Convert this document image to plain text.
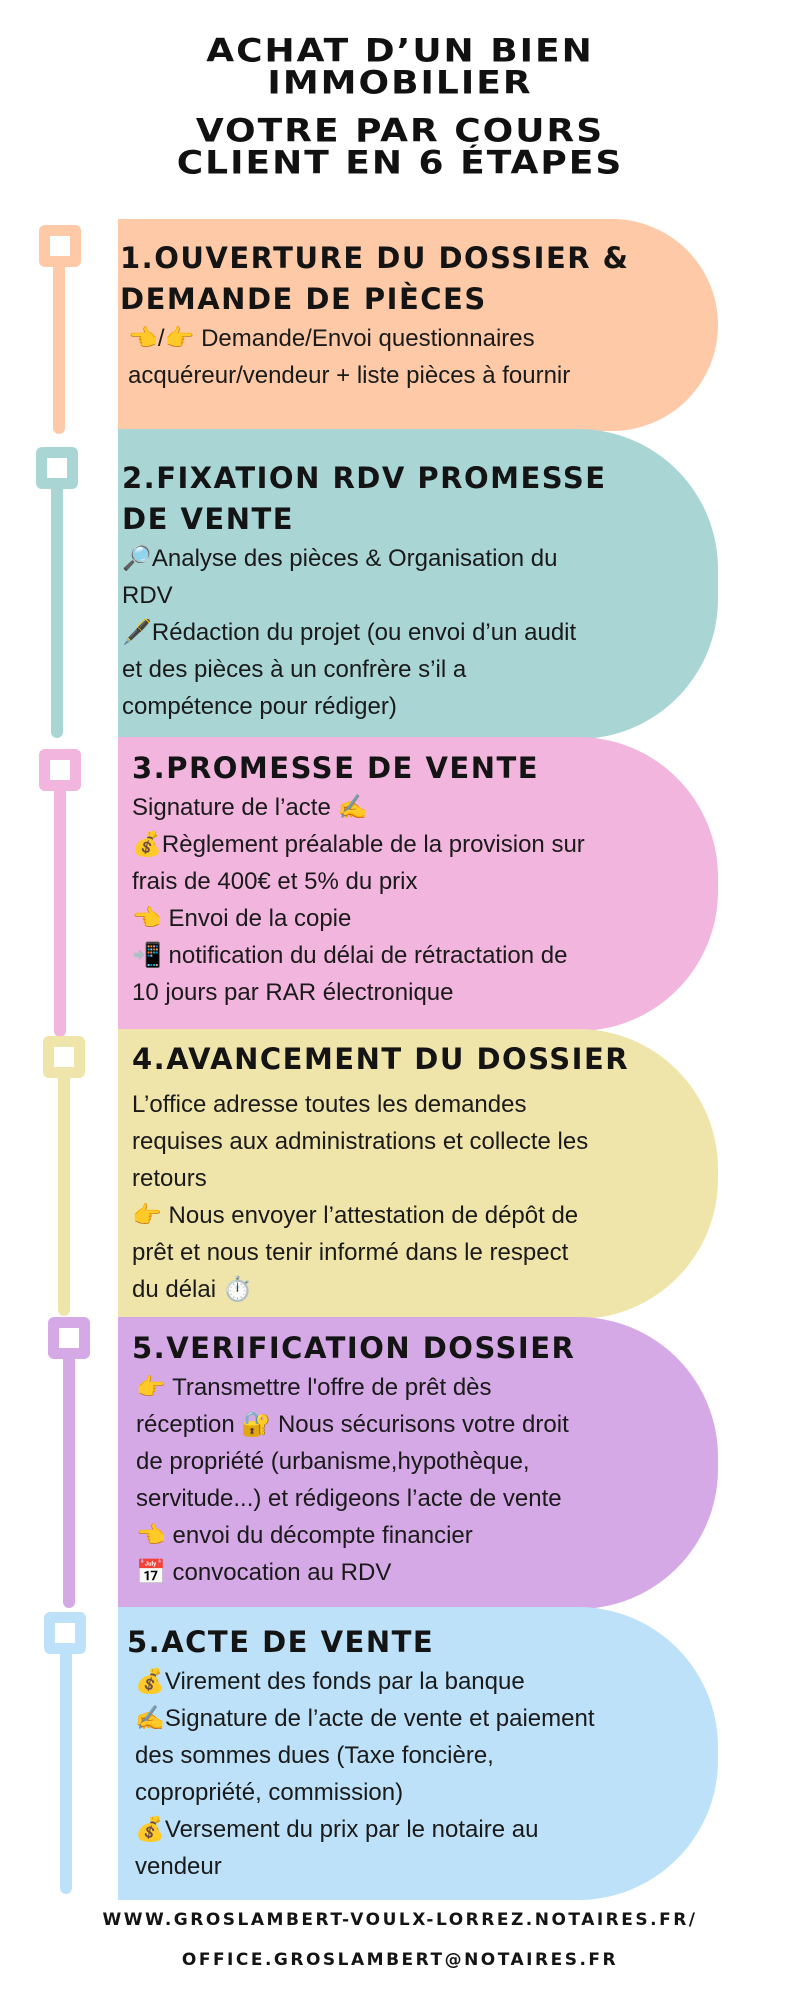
ACHAT D’UN BIEN
IMMOBILIER
VOTRE PAR COURS
CLIENT EN 6 ÉTAPES
1.OUVERTURE DU DOSSIER &
DEMANDE DE PIÈCES
👈/👉 Demande/Envoi questionnaires
acquéreur/vendeur + liste pièces à fournir
2.FIXATION RDV PROMESSE
DE VENTE
🔎Analyse des pièces & Organisation du
RDV
🖋️Rédaction du projet (ou envoi d’un audit
et des pièces à un confrère s’il a
compétence pour rédiger)
3.PROMESSE DE VENTE
Signature de l’acte ✍️
💰Règlement préalable de la provision sur
frais de 400€ et 5% du prix
👈 Envoi de la copie
📲 notification du délai de rétractation de
10 jours par RAR électronique
4.AVANCEMENT DU DOSSIER
L’office adresse toutes les demandes
requises aux administrations et collecte les
retours
👉 Nous envoyer l’attestation de dépôt de
prêt et nous tenir informé dans le respect
du délai ⏱️
5.VERIFICATION DOSSIER
👉 Transmettre l'offre de prêt dès
réception 🔐 Nous sécurisons votre droit
de propriété (urbanisme,hypothèque,
servitude...) et rédigeons l’acte de vente
👈 envoi du décompte financier
📅 convocation au RDV
5.ACTE DE VENTE
💰Virement des fonds par la banque
✍️Signature de l’acte de vente et paiement
des sommes dues (Taxe foncière,
copropriété, commission)
💰Versement du prix par le notaire au
vendeur
WWW.GROSLAMBERT-VOULX-LORREZ.NOTAIRES.FR/
OFFICE.GROSLAMBERT@NOTAIRES.FR
